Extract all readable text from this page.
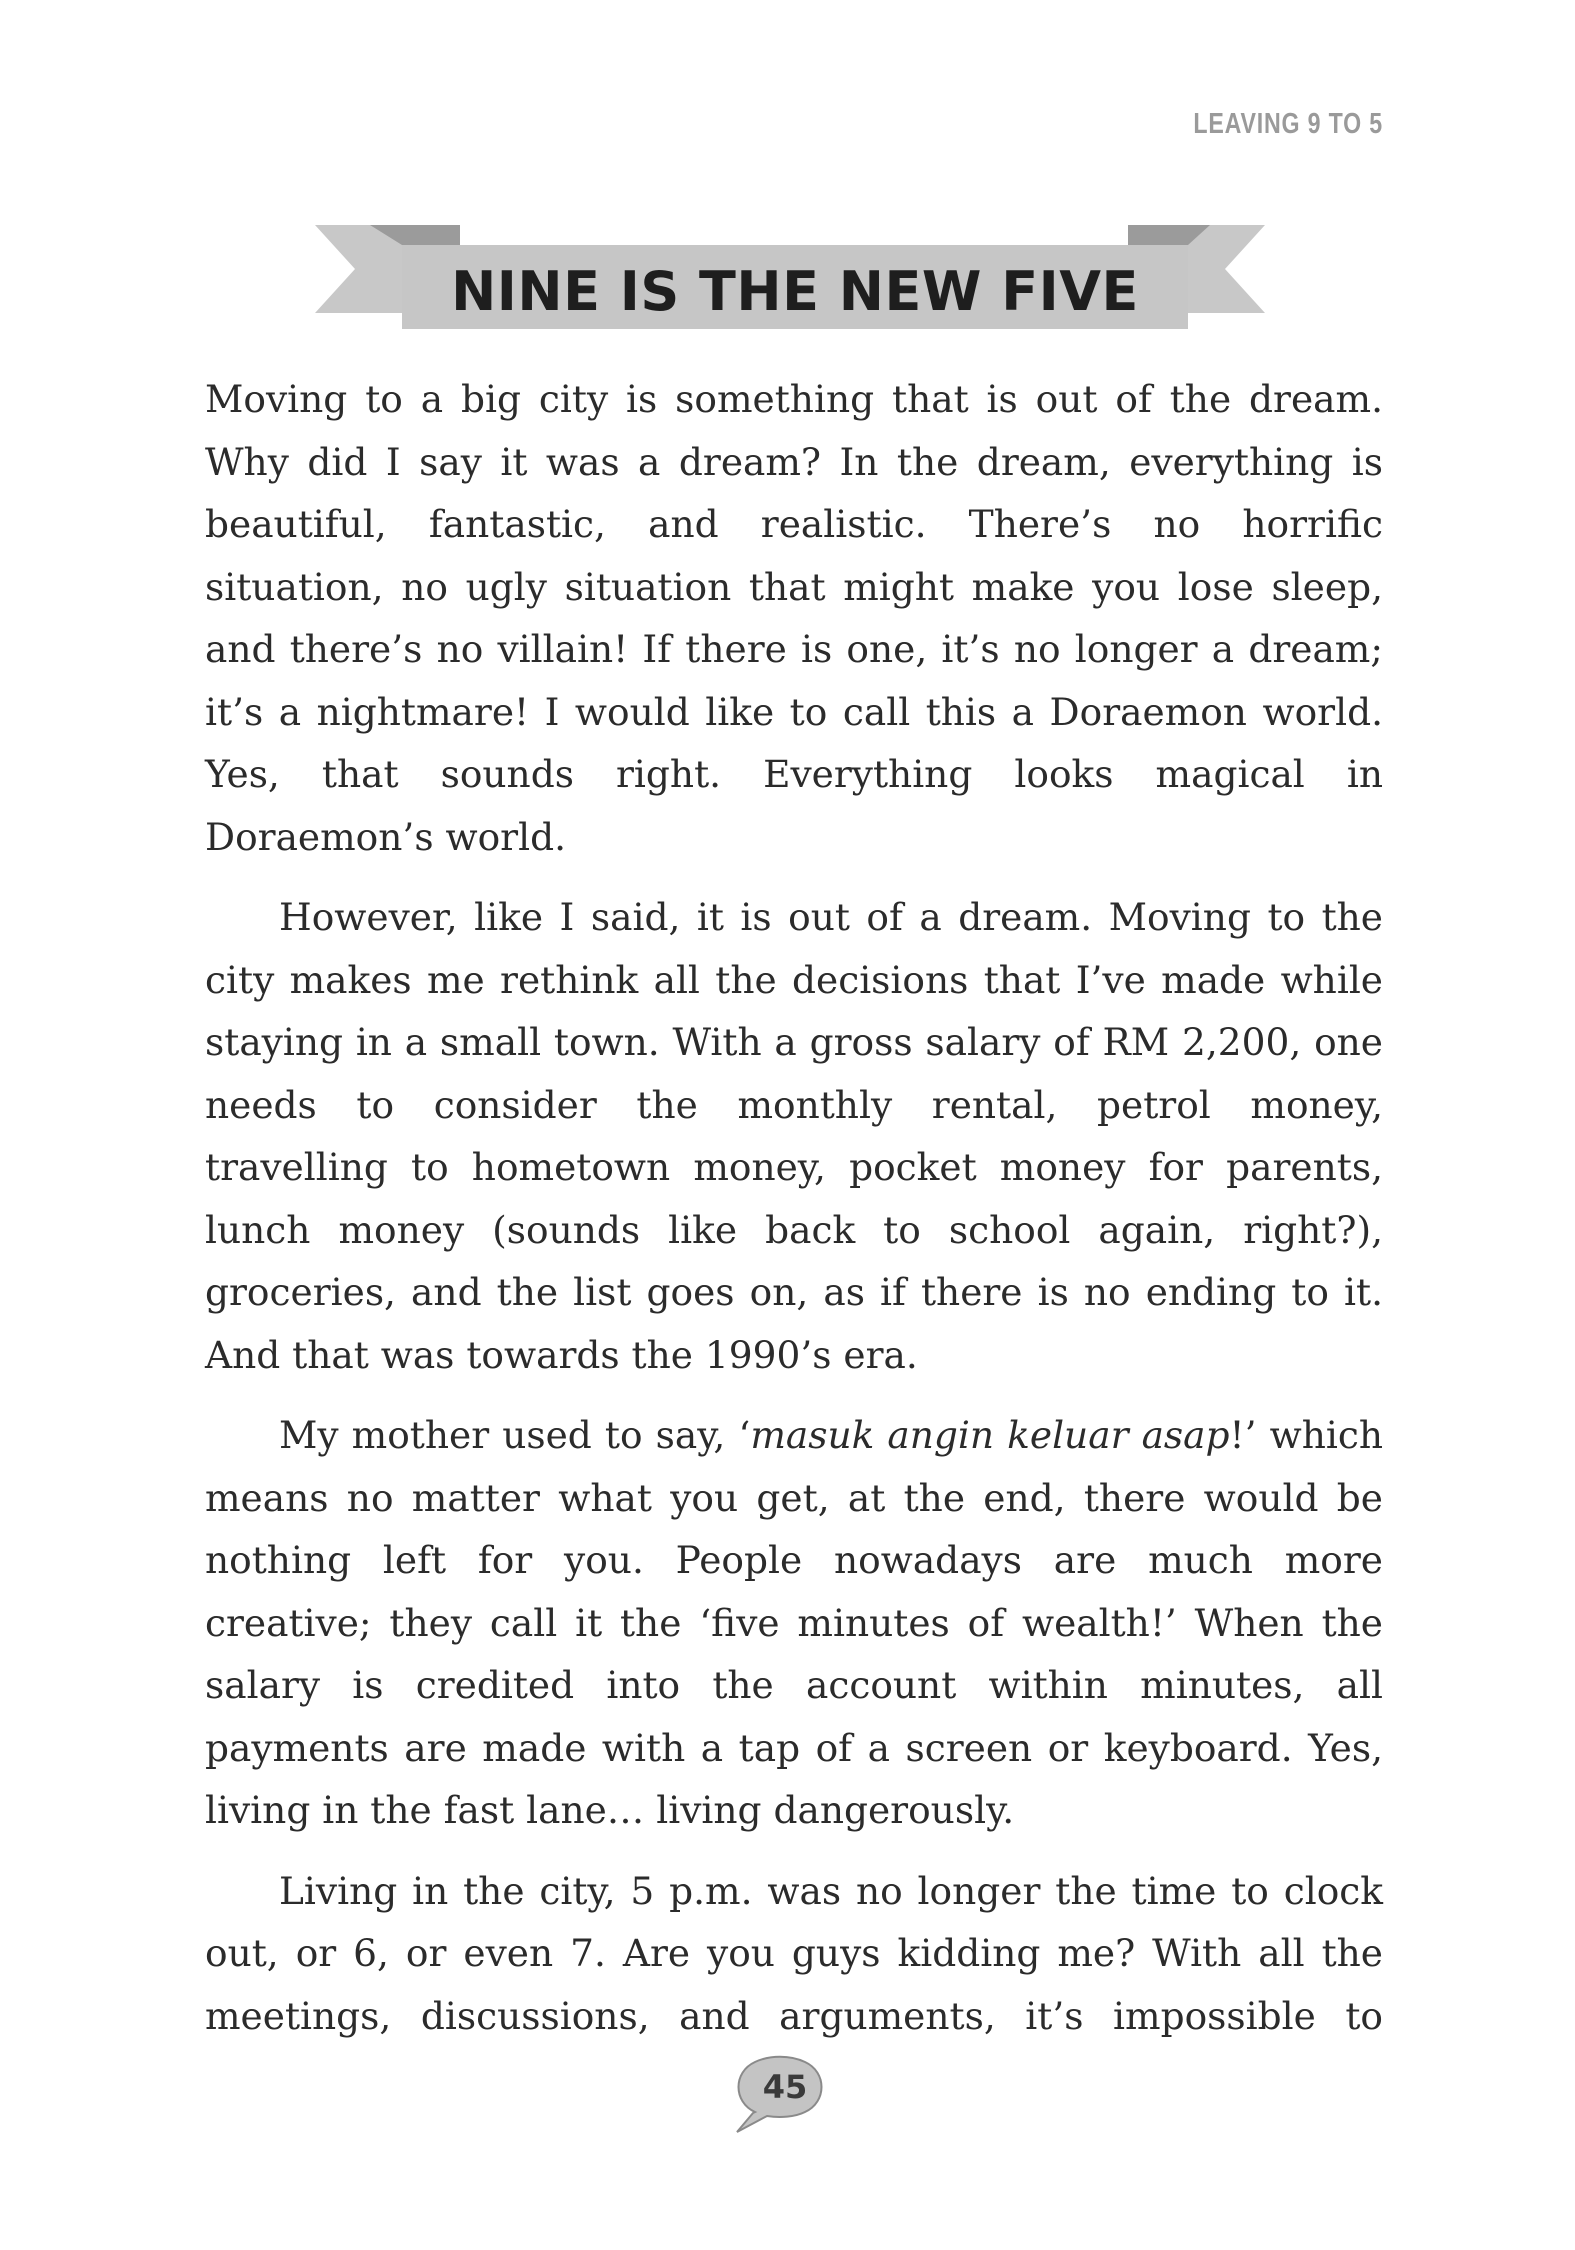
LEAVING 9 TO 5
NINE IS THE NEW FIVE

Moving to a big city is something that is out of the dream. Why did I say it was a dream? In the dream, everything is beautiful, fantastic, and realistic. There’s no horrific situation, no ugly situation that might make you lose sleep, and there’s no villain! If there is one, it’s no longer a dream; it’s a nightmare! I would like to call this a Doraemon world. Yes, that sounds right. Everything looks magical in Doraemon’s world.

However, like I said, it is out of a dream. Moving to the city makes me rethink all the decisions that I’ve made while staying in a small town. With a gross salary of RM 2,200, one needs to consider the monthly rental, petrol money, travelling to hometown money, pocket money for parents, lunch money (sounds like back to school again, right?), groceries, and the list goes on, as if there is no ending to it. And that was towards the 1990’s era.

My mother used to say, ‘masuk angin keluar asap!’ which means no matter what you get, at the end, there would be nothing left for you. People nowadays are much more creative; they call it the ‘five minutes of wealth!’ When the salary is credited into the account within minutes, all payments are made with a tap of a screen or keyboard. Yes, living in the fast lane… living dangerously.

Living in the city, 5 p.m. was no longer the time to clock out, or 6, or even 7. Are you guys kidding me? With all the meetings, discussions, and arguments, it’s impossible to

45
